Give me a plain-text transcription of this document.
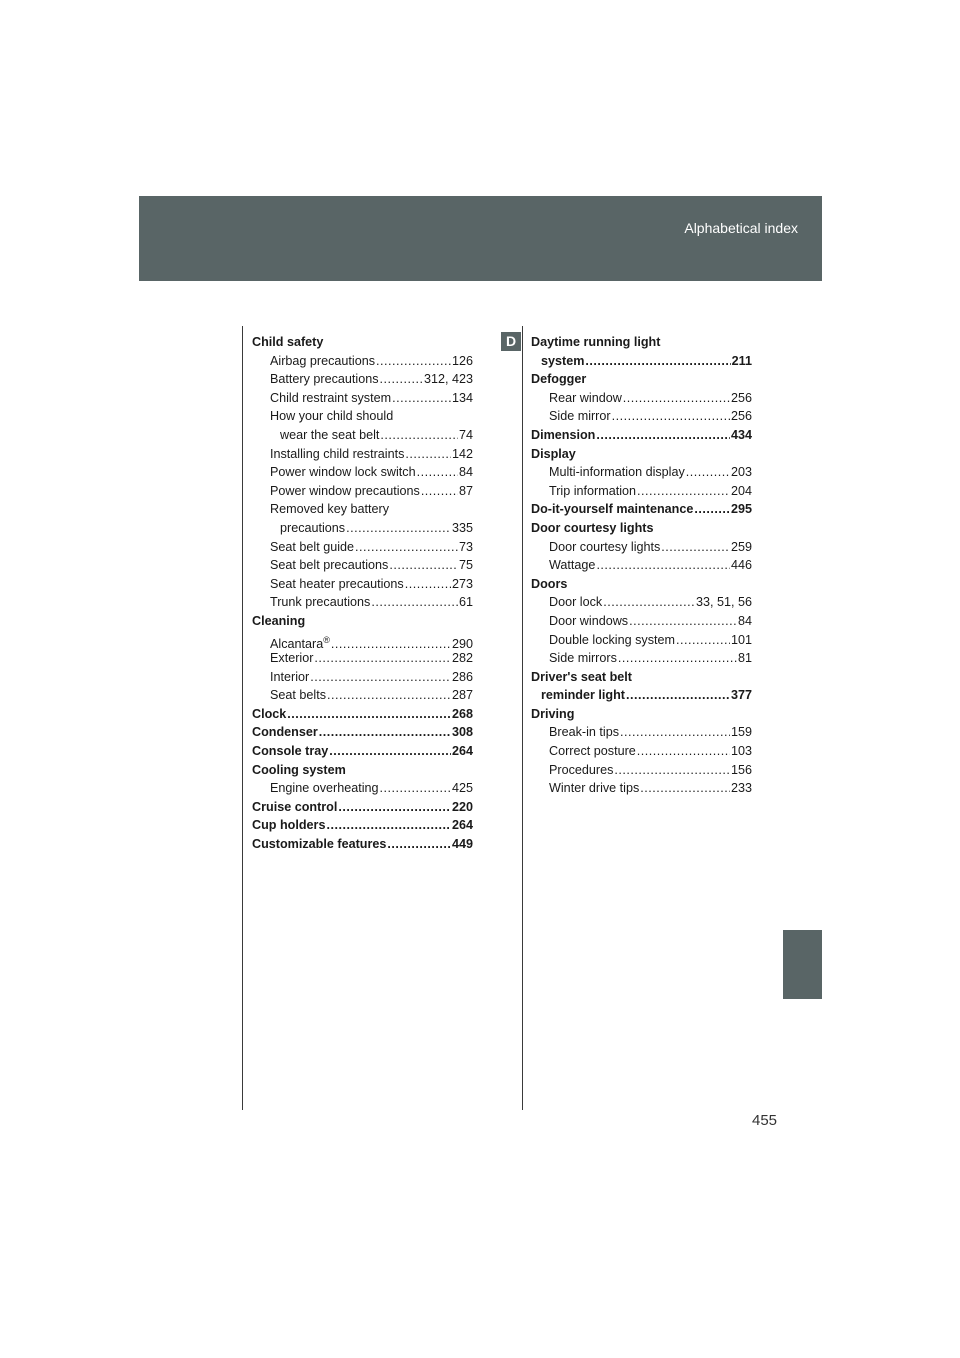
Alphabetical index
D
Child safety
Airbag precautions .....	126
Battery precautions .....	312, 423
Child restraint system .....	134
How your child should
wear the seat belt .....	74
Installing child restraints .....	142
Power window lock switch .....	84
Power window precautions .....	87
Removed key battery
precautions .....	335
Seat belt guide .....	73
Seat belt precautions .....	75
Seat heater precautions .....	273
Trunk precautions .....	61
Cleaning
Alcantara® .....	290
Exterior .....	282
Interior .....	286
Seat belts .....	287
Clock .....	268
Condenser .....	308
Console tray .....	264
Cooling system
Engine overheating .....	425
Cruise control .....	220
Cup holders .....	264
Customizable features .....	449
Daytime running light
system .....	211
Defogger
Rear window .....	256
Side mirror .....	256
Dimension .....	434
Display
Multi-information display .....	203
Trip information .....	204
Do-it-yourself maintenance .....	295
Door courtesy lights
Door courtesy lights .....	259
Wattage .....	446
Doors
Door lock .....	33, 51, 56
Door windows .....	84
Double locking system .....	101
Side mirrors .....	81
Driver's seat belt
reminder light .....	377
Driving
Break-in tips .....	159
Correct posture .....	103
Procedures .....	156
Winter drive tips .....	233
455
